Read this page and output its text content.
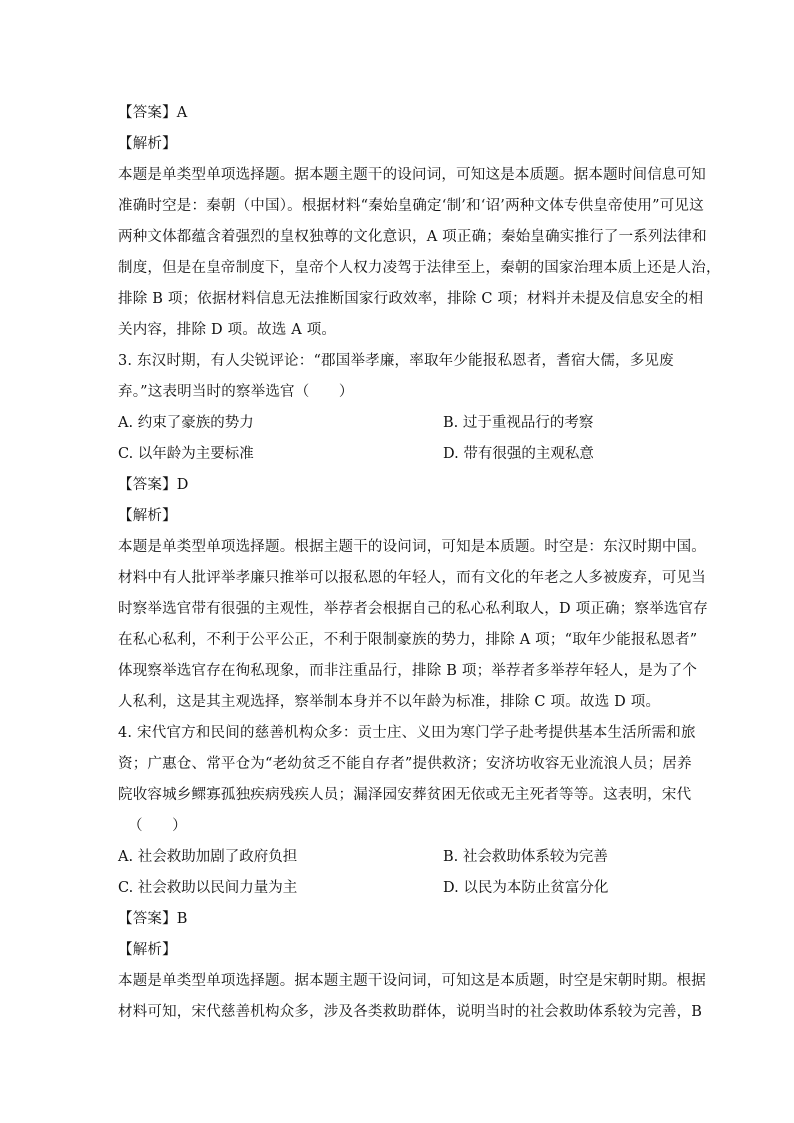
【答案】A
【解析】
本题是单类型单项选择题。据本题主题干的设问词，可知这是本质题。据本题时间信息可知
准确时空是：秦朝（中国）。根据材料“秦始皇确定‘制’和‘诏’两种文体专供皇帝使用”可见这
两种文体都蕴含着强烈的皇权独尊的文化意识，A 项正确；秦始皇确实推行了一系列法律和
制度，但是在皇帝制度下，皇帝个人权力凌驾于法律至上，秦朝的国家治理本质上还是人治，
排除 B 项；依据材料信息无法推断国家行政效率，排除 C 项；材料并未提及信息安全的相
关内容，排除 D 项。故选 A 项。
3. 东汉时期，有人尖锐评论：“郡国举孝廉，率取年少能报私恩者，耆宿大儒，多见废
弃。”这表明当时的察举选官（　　）
A. 约束了豪族的势力	B. 过于重视品行的考察
C. 以年龄为主要标准	D. 带有很强的主观私意
【答案】D
【解析】
本题是单类型单项选择题。根据主题干的设问词，可知是本质题。时空是：东汉时期中国。
材料中有人批评举孝廉只推举可以报私恩的年轻人，而有文化的年老之人多被废弃，可见当
时察举选官带有很强的主观性，举荐者会根据自己的私心私利取人，D 项正确；察举选官存
在私心私利，不利于公平公正，不利于限制豪族的势力，排除 A 项；“取年少能报私恩者”
体现察举选官存在徇私现象，而非注重品行，排除 B 项；举荐者多举荐年轻人，是为了个
人私利，这是其主观选择，察举制本身并不以年龄为标准，排除 C 项。故选 D 项。
4. 宋代官方和民间的慈善机构众多：贡士庄、义田为寒门学子赴考提供基本生活所需和旅
资；广惠仓、常平仓为“老幼贫乏不能自存者”提供救济；安济坊收容无业流浪人员；居养
院收容城乡鳏寡孤独疾病残疾人员；漏泽园安葬贫困无依或无主死者等等。这表明，宋代
（　　）
A. 社会救助加剧了政府负担	B. 社会救助体系较为完善
C. 社会救助以民间力量为主	D. 以民为本防止贫富分化
【答案】B
【解析】
本题是单类型单项选择题。据本题主题干设问词，可知这是本质题，时空是宋朝时期。根据
材料可知，宋代慈善机构众多，涉及各类救助群体，说明当时的社会救助体系较为完善，B
